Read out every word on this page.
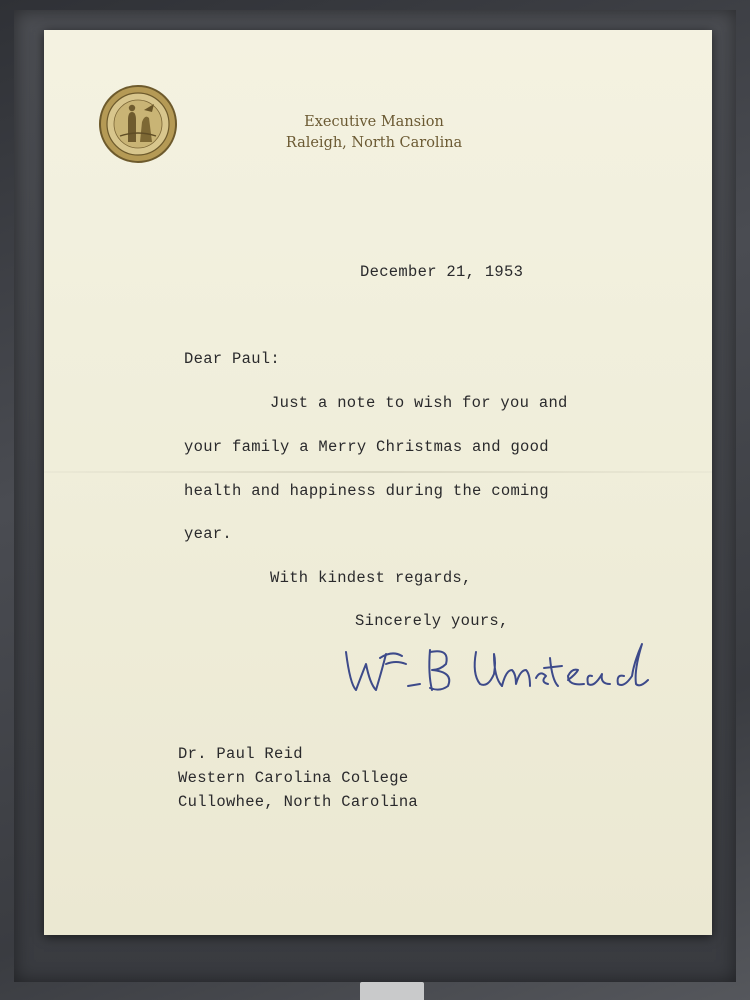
Executive Mansion
Raleigh, North Carolina
December 21, 1953
Dear Paul:
Just a note to wish for you and
your family a Merry Christmas and good
health and happiness during the coming
year.
With kindest regards,
Sincerely yours,
Dr. Paul Reid
Western Carolina College
Cullowhee, North Carolina
